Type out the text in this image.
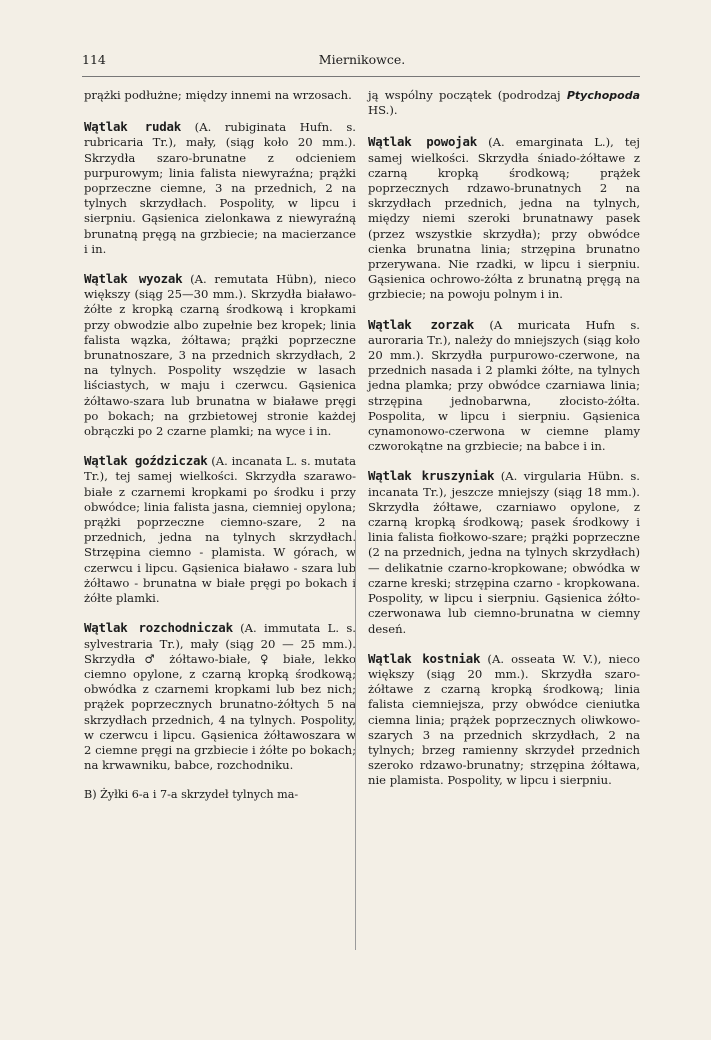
114	Miernikowce.

prążki podłużne; między innemi na wrzosach.

Wątlak rudak (A. rubiginata Hufn. s. rubricaria Tr.), mały, (siąg koło 20 mm.). Skrzydła szaro-brunatne z odcieniem purpurowym; linia falista niewyraźna; prążki poprzeczne ciemne, 3 na przednich, 2 na tylnych skrzydłach. Pospolity, w lipcu i sierpniu. Gąsienica zielonkawa z niewyraźną brunatną pręgą na grzbiecie; na macierzance i in.

Wątlak wyozak (A. remutata Hübn), nieco większy (siąg 25—30 mm.). Skrzydła białawo-żółte z kropką czarną środkową i kropkami przy obwodzie albo zupełnie bez kropek; linia falista wązka, żółtawa; prążki poprzeczne brunatnoszare, 3 na przednich skrzydłach, 2 na tylnych. Pospolity wszędzie w lasach liściastych, w maju i czerwcu. Gąsienica żółtawo-szara lub brunatna w białawe pręgi po bokach; na grzbietowej stronie każdej obrączki po 2 czarne plamki; na wyce i in.

Wątlak goździczak (A. incanata L. s. mutata Tr.), tej samej wielkości. Skrzydła szarawo-białe z czarnemi kropkami po środku i przy obwódce; linia falista jasna, ciemniej opylona; prążki poprzeczne ciemno-szare, 2 na przednich, jedna na tylnych skrzydłach. Strzępina ciemno - plamista. W górach, w czerwcu i lipcu. Gąsienica białawo - szara lub żółtawo - brunatna w białe pręgi po bokach i żółte plamki.

Wątlak rozchodniczak (A. immutata L. s. sylvestraria Tr.), mały (siąg 20 — 25 mm.). Skrzydła ♂ żółtawo-białe, ♀ białe, lekko ciemno opylone, z czarną kropką środkową; obwódka z czarnemi kropkami lub bez nich; prążek poprzecznych brunatno-żółtych 5 na skrzydłach przednich, 4 na tylnych. Pospolity, w czerwcu i lipcu. Gąsienica żółtawoszara w 2 ciemne pręgi na grzbiecie i żółte po bokach; na krwawniku, babce, rozchodniku.

B) Żyłki 6-a i 7-a skrzydeł tylnych ma-

ją wspólny początek (podrodzaj Ptychopoda HS.).

Wątlak powojak (A. emarginata L.), tej samej wielkości. Skrzydła śniado-żółtawe z czarną kropką środkową; prążek poprzecznych rdzawo-brunatnych 2 na skrzydłach przednich, jedna na tylnych, między niemi szeroki brunatnawy pasek (przez wszystkie skrzydła); przy obwódce cienka brunatna linia; strzępina brunatno przerywana. Nie rzadki, w lipcu i sierpniu. Gąsienica ochrowo-żółta z brunatną pręgą na grzbiecie; na powoju polnym i in.

Wątlak zorzak (A muricata Hufn s. auroraria Tr.), należy do mniejszych (siąg koło 20 mm.). Skrzydła purpurowo-czerwone, na przednich nasada i 2 plamki żółte, na tylnych jedna plamka; przy obwódce czarniawa linia; strzępina jednobarwna, złocisto-żółta. Pospolita, w lipcu i sierpniu. Gąsienica cynamonowo-czerwona w ciemne plamy czworokątne na grzbiecie; na babce i in.

Wątlak kruszyniak (A. virgularia Hübn. s. incanata Tr.), jeszcze mniejszy (siąg 18 mm.). Skrzydła żółtawe, czarniawo opylone, z czarną kropką środkową; pasek środkowy i linia falista fiołkowo-szare; prążki poprzeczne (2 na przednich, jedna na tylnych skrzydłach) — delikatnie czarno-kropkowane; obwódka w czarne kreski; strzępina czarno - kropkowana. Pospolity, w lipcu i sierpniu. Gąsienica żółto-czerwonawa lub ciemno-brunatna w ciemny deseń.

Wątlak kostniak (A. osseata W. V.), nieco większy (siąg 20 mm.). Skrzydła szaro-żółtawe z czarną kropką środkową; linia falista ciemniejsza, przy obwódce cieniutka ciemna linia; prążek poprzecznych oliwkowo-szarych 3 na przednich skrzydłach, 2 na tylnych; brzeg ramienny skrzydeł przednich szeroko rdzawo-brunatny; strzępina żółtawa, nie plamista. Pospolity, w lipcu i sierpniu.
